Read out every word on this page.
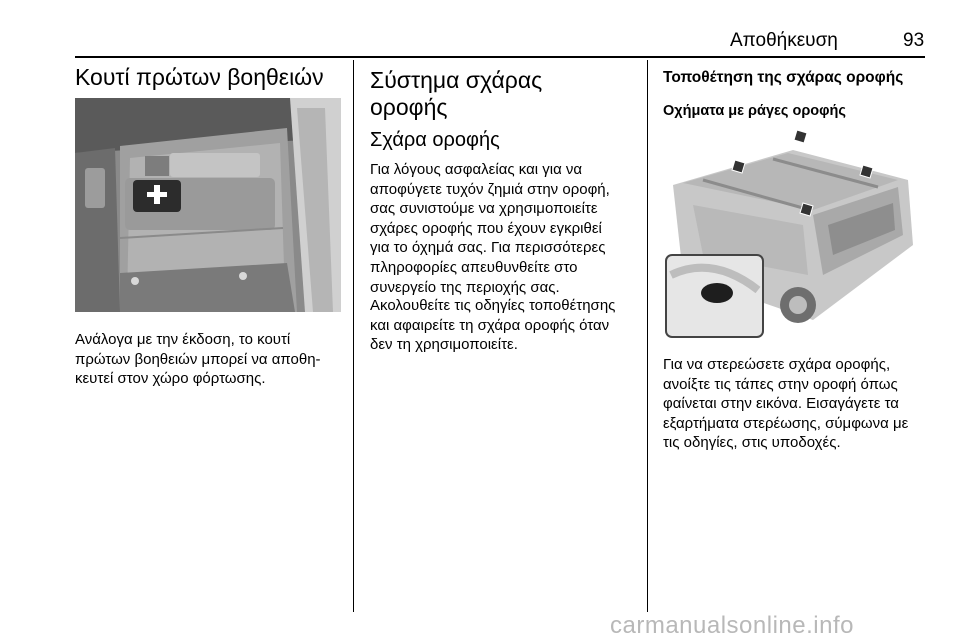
Αποθήκευση	93
Κουτί πρώτων βοηθειών
Ανάλογα με την έκδοση, το κουτί
πρώτων βοηθειών μπορεί να αποθη-
κευτεί στον χώρο φόρτωσης.
Σύστημα σχάρας
οροφής
Σχάρα οροφής
Για λόγους ασφαλείας και για να
αποφύγετε τυχόν ζημιά στην οροφή,
σας συνιστούμε να χρησιμοποιείτε
σχάρες οροφής που έχουν εγκριθεί
για το όχημά σας. Για περισσότερες
πληροφορίες απευθυνθείτε στο
συνεργείο της περιοχής σας.
Ακολουθείτε τις οδηγίες τοποθέτησης
και αφαιρείτε τη σχάρα οροφής όταν
δεν τη χρησιμοποιείτε.
Τοποθέτηση της σχάρας οροφής
Οχήματα με ράγες οροφής
Για να στερεώσετε σχάρα οροφής,
ανοίξτε τις τάπες στην οροφή όπως
φαίνεται στην εικόνα. Εισαγάγετε τα
εξαρτήματα στερέωσης, σύμφωνα με
τις οδηγίες, στις υποδοχές.
carmanualsonline.info
